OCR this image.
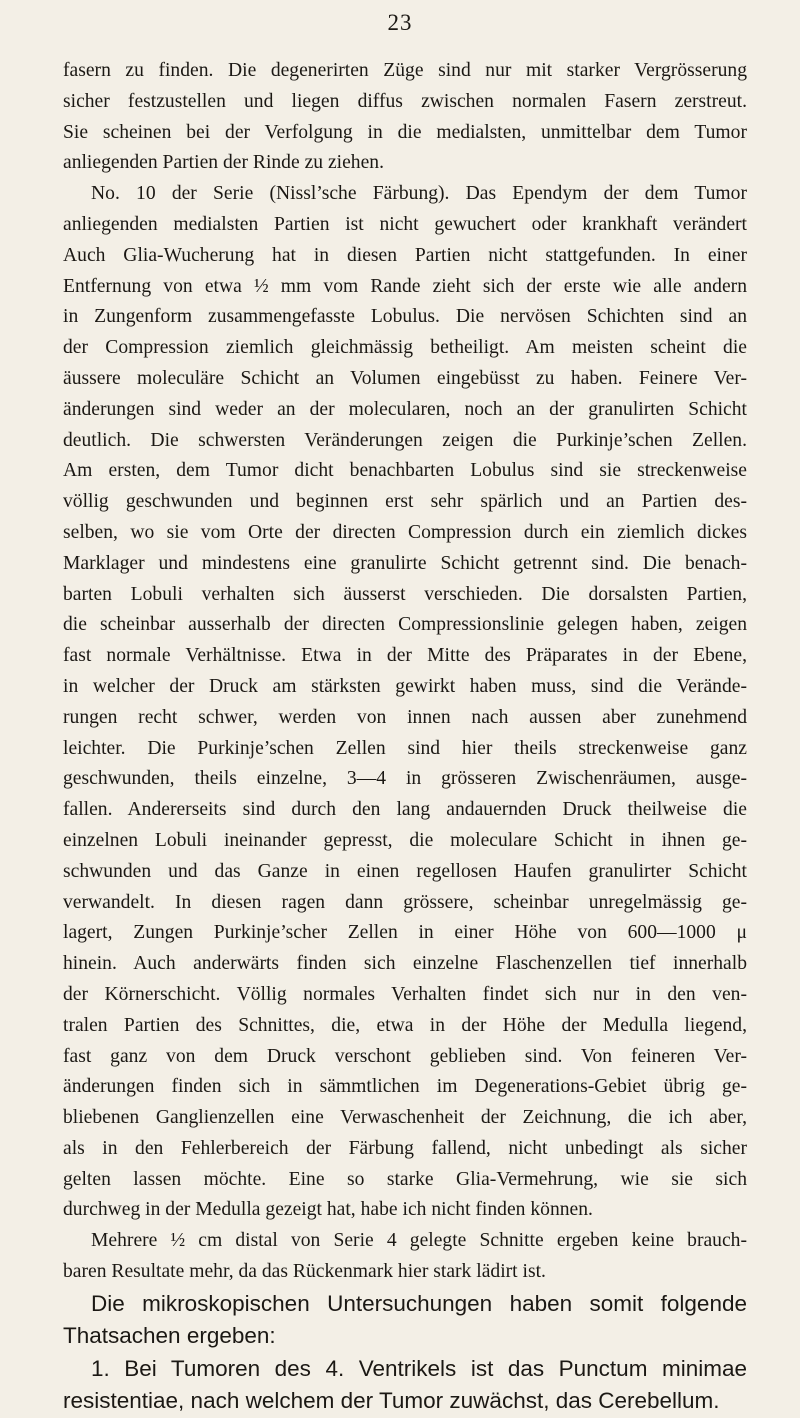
23
fasern zu finden. Die degenerirten Züge sind nur mit starker Vergrösserung
sicher festzustellen und liegen diffus zwischen normalen Fasern zerstreut.
Sie scheinen bei der Verfolgung in die medialsten, unmittelbar dem Tumor
anliegenden Partien der Rinde zu ziehen.
No. 10 der Serie (Nissl’sche Färbung). Das Ependym der dem Tumor
anliegenden medialsten Partien ist nicht gewuchert oder krankhaft verändert
Auch Glia-Wucherung hat in diesen Partien nicht stattgefunden. In einer
Entfernung von etwa ½ mm vom Rande zieht sich der erste wie alle andern
in Zungenform zusammengefasste Lobulus. Die nervösen Schichten sind an
der Compression ziemlich gleichmässig betheiligt. Am meisten scheint die
äussere moleculäre Schicht an Volumen eingebüsst zu haben. Feinere Ver-
änderungen sind weder an der molecularen, noch an der granulirten Schicht
deutlich. Die schwersten Veränderungen zeigen die Purkinje’schen Zellen.
Am ersten, dem Tumor dicht benachbarten Lobulus sind sie streckenweise
völlig geschwunden und beginnen erst sehr spärlich und an Partien des-
selben, wo sie vom Orte der directen Compression durch ein ziemlich dickes
Marklager und mindestens eine granulirte Schicht getrennt sind. Die benach-
barten Lobuli verhalten sich äusserst verschieden. Die dorsalsten Partien,
die scheinbar ausserhalb der directen Compressionslinie gelegen haben, zeigen
fast normale Verhältnisse. Etwa in der Mitte des Präparates in der Ebene,
in welcher der Druck am stärksten gewirkt haben muss, sind die Verände-
rungen recht schwer, werden von innen nach aussen aber zunehmend
leichter. Die Purkinje’schen Zellen sind hier theils streckenweise ganz
geschwunden, theils einzelne, 3—4 in grösseren Zwischenräumen, ausge-
fallen. Andererseits sind durch den lang andauernden Druck theilweise die
einzelnen Lobuli ineinander gepresst, die moleculare Schicht in ihnen ge-
schwunden und das Ganze in einen regellosen Haufen granulirter Schicht
verwandelt. In diesen ragen dann grössere, scheinbar unregelmässig ge-
lagert, Zungen Purkinje’scher Zellen in einer Höhe von 600—1000 μ
hinein. Auch anderwärts finden sich einzelne Flaschenzellen tief innerhalb
der Körnerschicht. Völlig normales Verhalten findet sich nur in den ven-
tralen Partien des Schnittes, die, etwa in der Höhe der Medulla liegend,
fast ganz von dem Druck verschont geblieben sind. Von feineren Ver-
änderungen finden sich in sämmtlichen im Degenerations-Gebiet übrig ge-
bliebenen Ganglienzellen eine Verwaschenheit der Zeichnung, die ich aber,
als in den Fehlerbereich der Färbung fallend, nicht unbedingt als sicher
gelten lassen möchte. Eine so starke Glia-Vermehrung, wie sie sich
durchweg in der Medulla gezeigt hat, habe ich nicht finden können.
Mehrere ½ cm distal von Serie 4 gelegte Schnitte ergeben keine brauch-
baren Resultate mehr, da das Rückenmark hier stark lädirt ist.
Die mikroskopischen Untersuchungen haben somit folgende
Thatsachen ergeben:
1. Bei Tumoren des 4. Ventrikels ist das Punctum minimae
resistentiae, nach welchem der Tumor zuwächst, das Cerebellum.
